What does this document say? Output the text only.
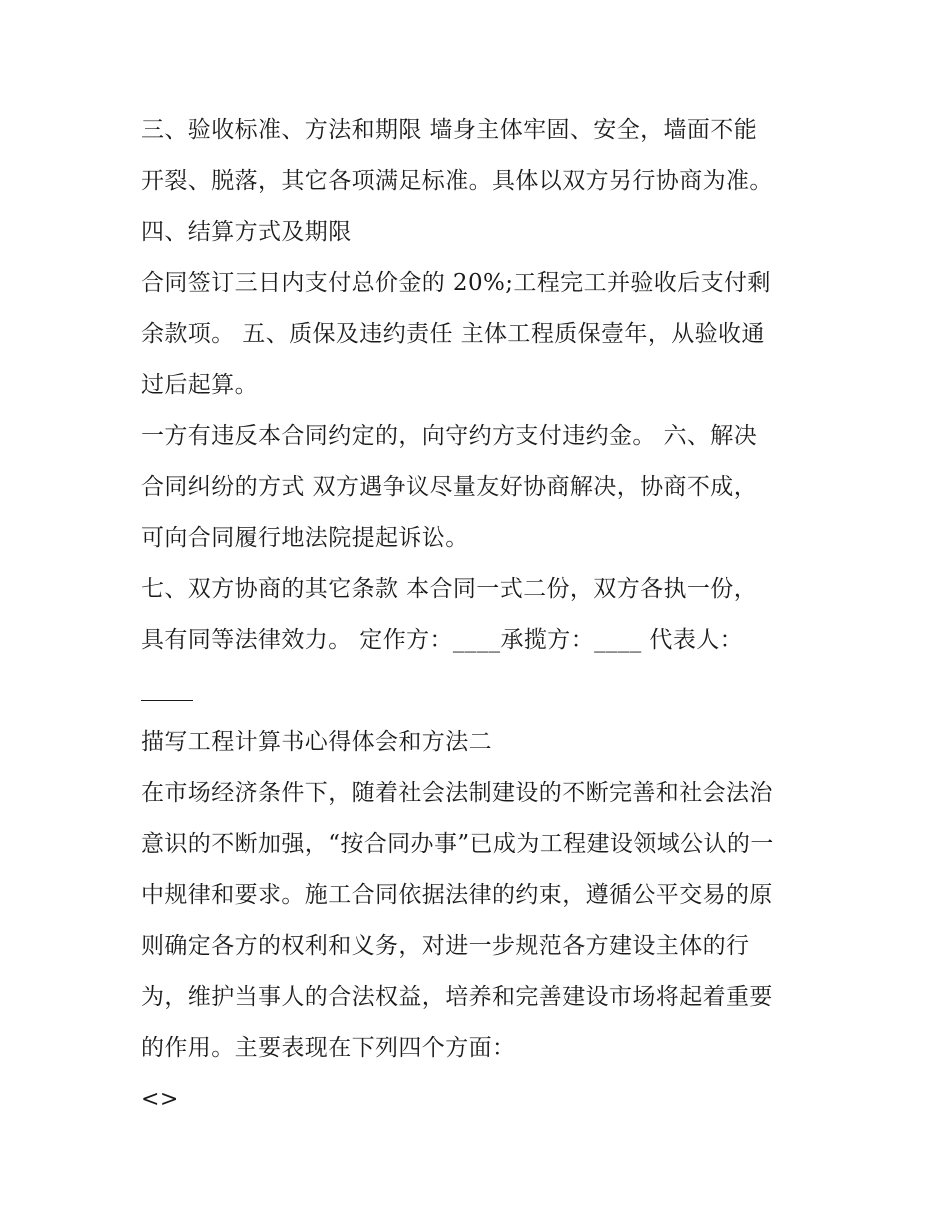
三、验收标准、方法和期限 墙身主体牢固、安全，墙面不能
开裂、脱落，其它各项满足标准。具体以双方另行协商为准。
四、结算方式及期限
合同签订三日内支付总价金的 20%;工程完工并验收后支付剩
余款项。 五、质保及违约责任 主体工程质保壹年，从验收通
过后起算。
一方有违反本合同约定的，向守约方支付违约金。 六、解决
合同纠纷的方式 双方遇争议尽量友好协商解决，协商不成，
可向合同履行地法院提起诉讼。
七、双方协商的其它条款 本合同一式二份，双方各执一份，
具有同等法律效力。 定作方：____承揽方：____ 代表人：
描写工程计算书心得体会和方法二
在市场经济条件下，随着社会法制建设的不断完善和社会法治
意识的不断加强，“按合同办事”已成为工程建设领域公认的一
中规律和要求。施工合同依据法律的约束，遵循公平交易的原
则确定各方的权利和义务，对进一步规范各方建设主体的行
为，维护当事人的合法权益，培养和完善建设市场将起着重要
的作用。主要表现在下列四个方面：
<>
